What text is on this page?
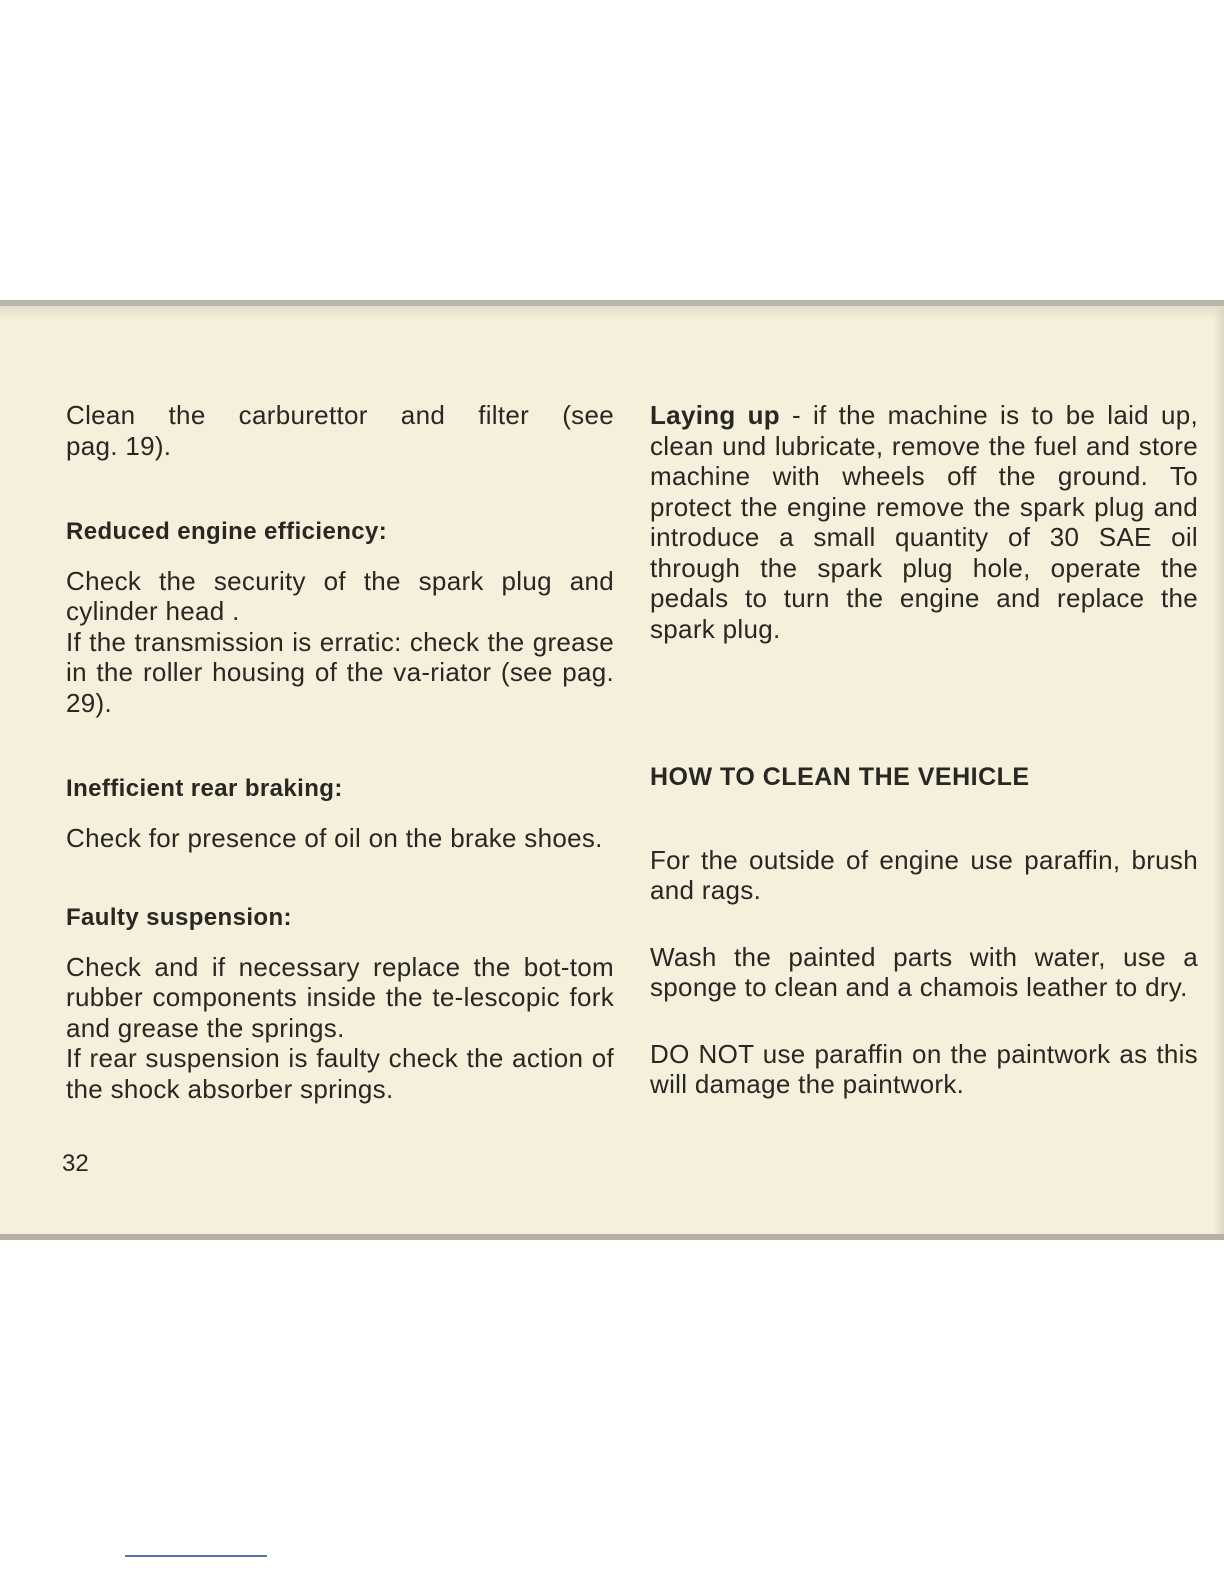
Clean the carburettor and filter (see

pag. 19).

Reduced engine efficiency:

Check the security of the spark plug and cylinder head .

If the transmission is erratic: check the grease in the roller housing of the va-riator (see pag. 29).

Inefficient rear braking:

Check for presence of oil on the brake shoes.

Faulty suspension:

Check and if necessary replace the bot-tom rubber components inside the te-lescopic fork and grease the springs.

If rear suspension is faulty check the action of the shock absorber springs.

Laying up - if the machine is to be laid up, clean und lubricate, remove the fuel and store machine with wheels off the ground. To protect the engine remove the spark plug and introduce a small quantity of 30 SAE oil through the spark plug hole, operate the pedals to turn the engine and replace the spark plug.

HOW TO CLEAN THE VEHICLE

For the outside of engine use paraffin, brush and rags.

Wash the painted parts with water, use a sponge to clean and a chamois leather to dry.

DO NOT use paraffin on the paintwork as this will damage the paintwork.

32
